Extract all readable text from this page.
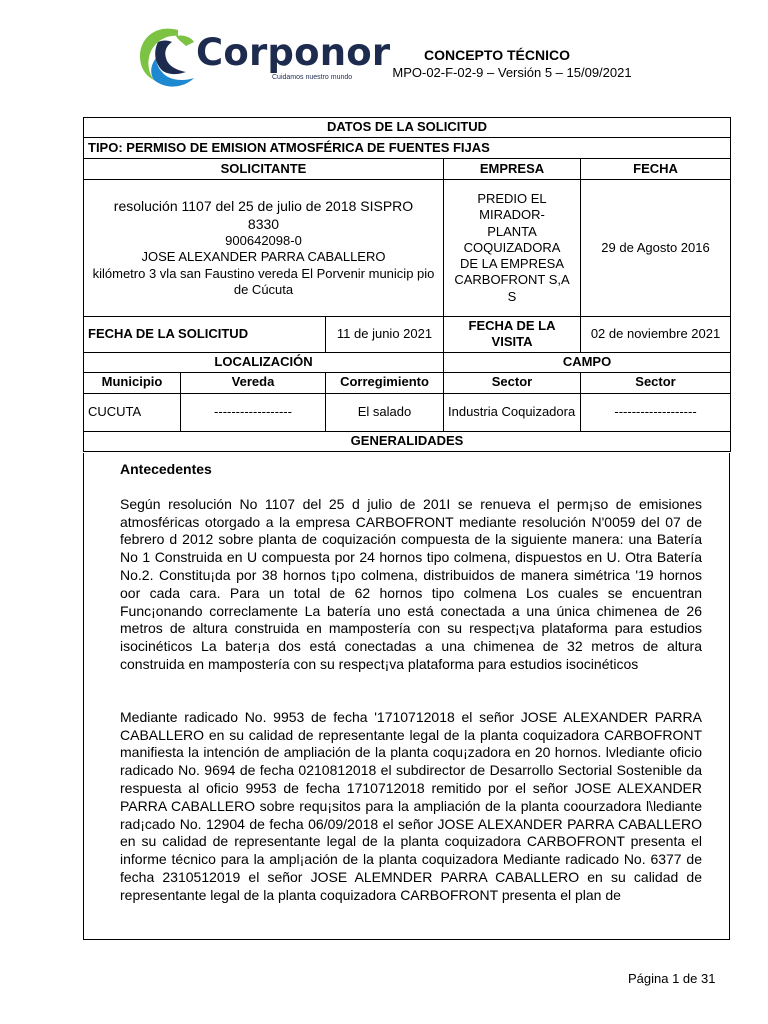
Corponor
Cuidamos nuestro mundo
CONCEPTO TÉCNICO
MPO-02-F-02-9 – Versión 5 – 15/09/2021
DATOS DE LA SOLICITUD				
TIPO: PERMISO DE EMISION ATMOSFÉRICA DE FUENTES FIJAS				
SOLICITANTE			EMPRESA	FECHA

resolución 1107 del 25 de julio de 2018 SISPRO 8330
900642098-0
JOSE ALEXANDER PARRA CABALLERO
kilómetro 3 vla san Faustino vereda El Porvenir municip pio de Cúcuta			PREDIO EL MIRADOR- PLANTA COQUIZADORA DE LA EMPRESA CARBOFRONT S,A S	29 de Agosto 2016
FECHA DE LA SOLICITUD		11 de junio 2021	FECHA DE LA VISITA	02 de noviembre 2021
LOCALIZACIÓN			CAMPO	
Municipio	Vereda	Corregimiento	Sector	Sector
CUCUTA	------------------	El salado	Industria Coquizadora	-------------------
GENERALIDADES				
Antecedentes

Según resolución No 1107 del 25 d julio de 201I se renueva el perm¡so de emisiones atmosféricas otorgado a la empresa CARBOFRONT mediante resolución N'0059 del 07 de febrero d 2012 sobre planta de coquización compuesta de la siguiente manera: una Batería No 1 Construida en U compuesta por 24 hornos tipo colmena, dispuestos en U. Otra Batería No.2. Constitu¡da por 38 hornos t¡po colmena, distribuidos de manera simétrica '19 hornos oor cada cara. Para un total de 62 hornos tipo colmena Los cuales se encuentran Func¡onando correclamente La batería uno está conectada a una única chimenea de 26 metros de altura construida en mampostería con su respect¡va plataforma para estudios isocinéticos La bater¡a dos está conectadas a una chimenea de 32 metros de altura construida en mampostería con su respect¡va plataforma para estudios isocinéticos

Mediante radicado No. 9953 de fecha '1710712018 el señor JOSE ALEXANDER PARRA CABALLERO en su calidad de representante legal de la planta coquizadora CARBOFRONT manifiesta la intención de ampliación de la planta coqu¡zadora en 20 hornos. lvlediante oficio radicado No. 9694 de fecha 0210812018 el subdirector de Desarrollo Sectorial Sostenible da respuesta al oficio 9953 de fecha 1710712018 remitido por el señor JOSE ALEXANDER PARRA CABALLERO sobre requ¡sitos para la ampliación de la planta coourzadora l\lediante rad¡cado No. 12904 de fecha 06/09/2018 el señor JOSE ALEXANDER PARRA CABALLERO en su calidad de representante legal de la planta coquizadora CARBOFRONT presenta el informe técnico para la ampl¡ación de la planta coquizadora Mediante radicado No. 6377 de fecha 2310512019 el señor JOSE ALEMNDER PARRA CABALLERO en su calidad de representante legal de la planta coquizadora CARBOFRONT presenta el plan de

Página 1 de 31
